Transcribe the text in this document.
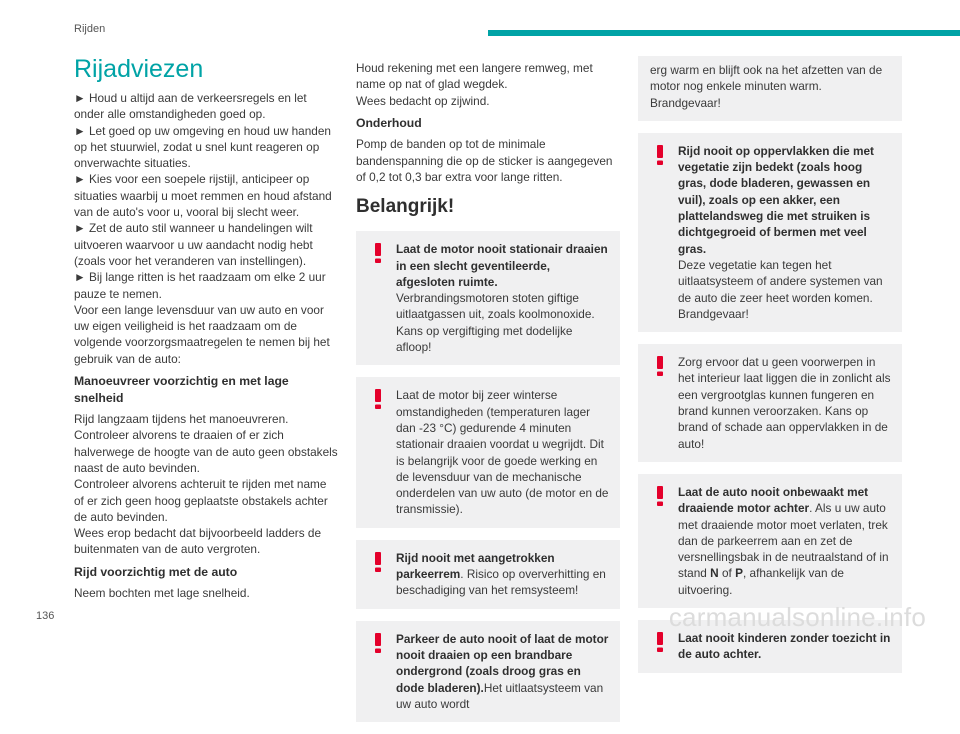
Rijden
Rijadviezen
► Houd u altijd aan de verkeersregels en let onder alle omstandigheden goed op.
► Let goed op uw omgeving en houd uw handen op het stuurwiel, zodat u snel kunt reageren op onverwachte situaties.
► Kies voor een soepele rijstijl, anticipeer op situaties waarbij u moet remmen en houd afstand van de auto's voor u, vooral bij slecht weer.
► Zet de auto stil wanneer u handelingen wilt uitvoeren waarvoor u uw aandacht nodig hebt (zoals voor het veranderen van instellingen).
► Bij lange ritten is het raadzaam om elke 2 uur pauze te nemen.
Voor een lange levensduur van uw auto en voor uw eigen veiligheid is het raadzaam om de volgende voorzorgsmaatregelen te nemen bij het gebruik van de auto:
Manoeuvreer voorzichtig en met lage snelheid
Rijd langzaam tijdens het manoeuvreren.
Controleer alvorens te draaien of er zich halverwege de hoogte van de auto geen obstakels naast de auto bevinden.
Controleer alvorens achteruit te rijden met name of er zich geen hoog geplaatste obstakels achter de auto bevinden.
Wees erop bedacht dat bijvoorbeeld ladders de buitenmaten van de auto vergroten.
Rijd voorzichtig met de auto
Neem bochten met lage snelheid.
Houd rekening met een langere remweg, met name op nat of glad wegdek.
Wees bedacht op zijwind.
Onderhoud

Pomp de banden op tot de minimale bandenspanning die op de sticker is aangegeven of 0,2 tot 0,3 bar extra voor lange ritten.

Belangrijk!
Laat de motor nooit stationair draaien in een slecht geventileerde, afgesloten ruimte. Verbrandingsmotoren stoten giftige uitlaatgassen uit, zoals koolmonoxide. Kans op vergiftiging met dodelijke afloop!
Laat de motor bij zeer winterse omstandigheden (temperaturen lager dan -23 °C) gedurende 4 minuten stationair draaien voordat u wegrijdt. Dit is belangrijk voor de goede werking en de levensduur van de mechanische onderdelen van uw auto (de motor en de transmissie).
Rijd nooit met aangetrokken parkeerrem. Risico op oververhitting en beschadiging van het remsysteem!
Parkeer de auto nooit of laat de motor nooit draaien op een brandbare ondergrond (zoals droog gras en dode bladeren).Het uitlaatsysteem van uw auto wordt
erg warm en blijft ook na het afzetten van de motor nog enkele minuten warm. Brandgevaar!
Rijd nooit op oppervlakken die met vegetatie zijn bedekt (zoals hoog gras, dode bladeren, gewassen en vuil), zoals op een akker, een plattelandsweg die met struiken is dichtgegroeid of bermen met veel gras.
Deze vegetatie kan tegen het uitlaatsysteem of andere systemen van de auto die zeer heet worden komen. Brandgevaar!
Zorg ervoor dat u geen voorwerpen in het interieur laat liggen die in zonlicht als een vergrootglas kunnen fungeren en brand kunnen veroorzaken. Kans op brand of schade aan oppervlakken in de auto!
Laat de auto nooit onbewaakt met draaiende motor achter. Als u uw auto met draaiende motor moet verlaten, trek dan de parkeerrem aan en zet de versnellingsbak in de neutraalstand of in stand N of P, afhankelijk van de uitvoering.
Laat nooit kinderen zonder toezicht in de auto achter.
136	carmanualsonline.info
